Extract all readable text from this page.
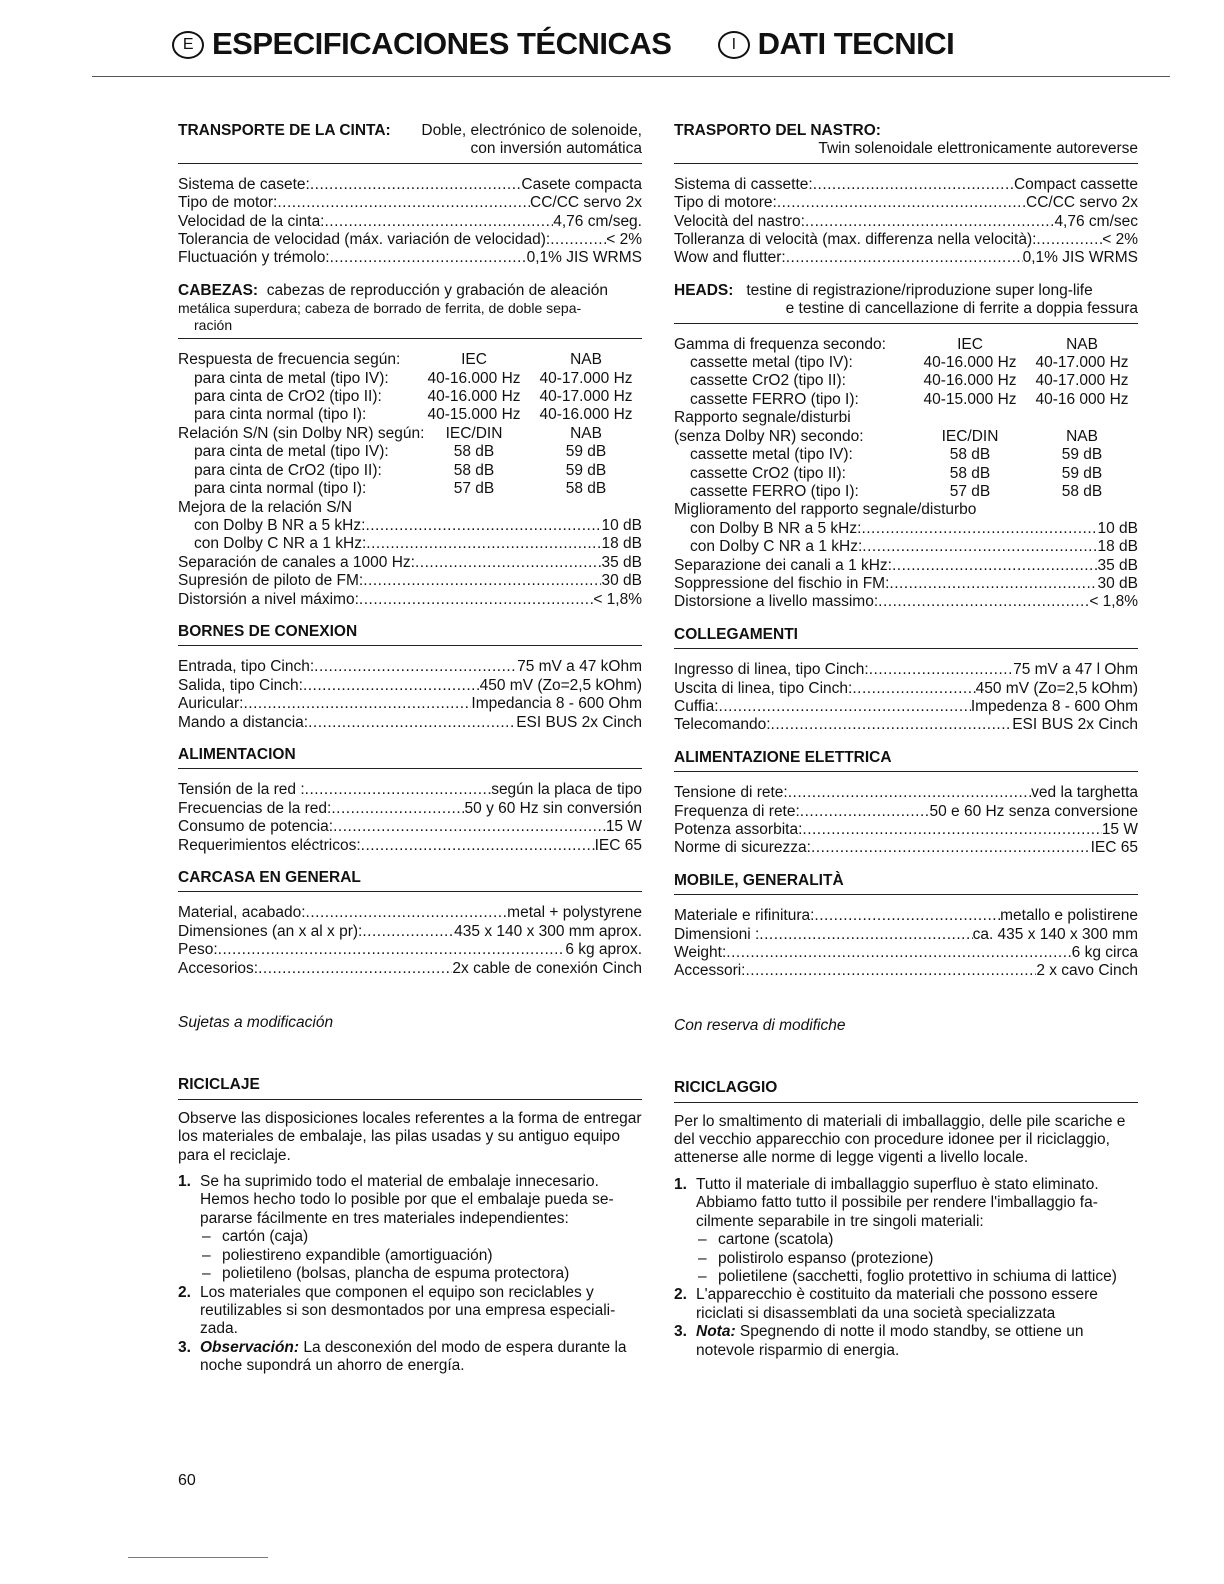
E ESPECIFICACIONES TÉCNICAS	I DATI TECNICI
TRANSPORTE DE LA CINTA: Doble, electrónico de solenoide,
con inversión automática
Sistema de casete: .....	Casete compacta
Tipo de motor: .....	CC/CC servo 2x
Velocidad de la cinta: .....	4,76 cm/seg.
Tolerancia de velocidad (máx. variación de velocidad): .....	< 2%
Fluctuación y trémolo: .....	0,1% JIS WRMS
CABEZAS: cabezas de reproducción y grabación de aleación
metálica superdura; cabeza de borrado de ferrita, de doble sepa-
ración
Respuesta de frecuencia según:	IEC	NAB
para cinta de metal (tipo IV):	40-16.000 Hz	40-17.000 Hz
para cinta de CrO2 (tipo II):	40-16.000 Hz	40-17.000 Hz
para cinta normal (tipo I):	40-15.000 Hz	40-16.000 Hz
Relación S/N (sin Dolby NR) según:	IEC/DIN	NAB
para cinta de metal (tipo IV):	58 dB	59 dB
para cinta de CrO2 (tipo II):	58 dB	59 dB
para cinta normal (tipo I):	57 dB	58 dB
Mejora de la relación S/N
con Dolby B NR a 5 kHz: .....	10 dB
con Dolby C NR a 1 kHz: .....	18 dB
Separación de canales a 1000 Hz: .....	35 dB
Supresión de piloto de FM: .....	30 dB
Distorsión a nivel máximo: .....	< 1,8%
BORNES DE CONEXION
Entrada, tipo Cinch: .....	75 mV a 47 kOhm
Salida, tipo Cinch: .....	450 mV (Zo=2,5 kOhm)
Auricular: .....	Impedancia 8 - 600 Ohm
Mando a distancia: .....	ESI BUS 2x Cinch
ALIMENTACION
Tensión de la red : .....	según la placa de tipo
Frecuencias de la red: .....	50 y 60 Hz sin conversión
Consumo de potencia: .....	15 W
Requerimientos eléctricos: .....	IEC 65
CARCASA EN GENERAL
Material, acabado: .....	metal + polystyrene
Dimensiones (an x al x pr): .....	435 x 140 x 300 mm aprox.
Peso: .....	6 kg aprox.
Accesorios: .....	2x cable de conexión Cinch
Sujetas a modificación
RICICLAJE
Observe las disposiciones locales referentes a la forma de entregar los materiales de embalaje, las pilas usadas y su antiguo equipo para el reciclaje.
1. Se ha suprimido todo el material de embalaje innecesario. Hemos hecho todo lo posible por que el embalaje pueda se-pararse fácilmente en tres materiales independientes:
– cartón (caja)
– poliestireno expandible (amortiguación)
– polietileno (bolsas, plancha de espuma protectora)
2. Los materiales que componen el equipo son reciclables y reutilizables si son desmontados por una empresa especiali-zada.
3. Observación: La desconexión del modo de espera durante la noche supondrá un ahorro de energía.
TRASPORTO DEL NASTRO:
Twin solenoidale elettronicamente autoreverse
Sistema di cassette: .....	Compact cassette
Tipo di motore: .....	CC/CC servo 2x
Velocità del nastro: .....	4,76 cm/sec
Tolleranza di velocità (max. differenza nella velocità): .....	< 2%
Wow and flutter: .....	0,1% JIS WRMS
HEADS: testine di registrazione/riproduzione super long-life
e testine di cancellazione di ferrite a doppia fessura
Gamma di frequenza secondo:	IEC	NAB
cassette metal (tipo IV):	40-16.000 Hz	40-17.000 Hz
cassette CrO2 (tipo II):	40-16.000 Hz	40-17.000 Hz
cassette FERRO (tipo I):	40-15.000 Hz	40-16 000 Hz
Rapporto segnale/disturbi
(senza Dolby NR) secondo:	IEC/DIN	NAB
cassette metal (tipo IV):	58 dB	59 dB
cassette CrO2 (tipo II):	58 dB	59 dB
cassette FERRO (tipo I):	57 dB	58 dB
Miglioramento del rapporto segnale/disturbo
con Dolby B NR a 5 kHz: .....	10 dB
con Dolby C NR a 1 kHz: .....	18 dB
Separazione dei canali a 1 kHz: .....	35 dB
Soppressione del fischio in FM: .....	30 dB
Distorsione a livello massimo: .....	< 1,8%
COLLEGAMENTI
Ingresso di linea, tipo Cinch: .....	75 mV a 47 l Ohm
Uscita di linea, tipo Cinch: .....	450 mV (Zo=2,5 kOhm)
Cuffia: .....	Impedenza 8 - 600 Ohm
Telecomando: .....	ESI BUS 2x Cinch
ALIMENTAZIONE ELETTRICA
Tensione di rete: .....	ved la targhetta
Frequenza di rete: .....	50 e 60 Hz senza conversione
Potenza assorbita: .....	15 W
Norme di sicurezza: .....	IEC 65
MOBILE, GENERALITÀ
Materiale e rifinitura: .....	metallo e polistirene
Dimensioni : .....	ca. 435 x 140 x 300 mm
Weight: .....	6 kg circa
Accessori: .....	2 x cavo Cinch
Con reserva di modifiche
RICICLAGGIO
Per lo smaltimento di materiali di imballaggio, delle pile scariche e del vecchio apparecchio con procedure idonee per il riciclaggio, attenerse alle norme di legge vigenti a livello locale.
1. Tutto il materiale di imballaggio superfluo è stato eliminato. Abbiamo fatto tutto il possibile per rendere l'imballaggio fa-cilmente separabile in tre singoli materiali:
– cartone (scatola)
– polistirolo espanso (protezione)
– polietilene (sacchetti, foglio protettivo in schiuma di lattice)
2. L'apparecchio è costituito da materiali che possono essere riciclati si disassemblati da una società specializzata
3. Nota: Spegnendo di notte il modo standby, se ottiene un notevole risparmio di energia.
60
